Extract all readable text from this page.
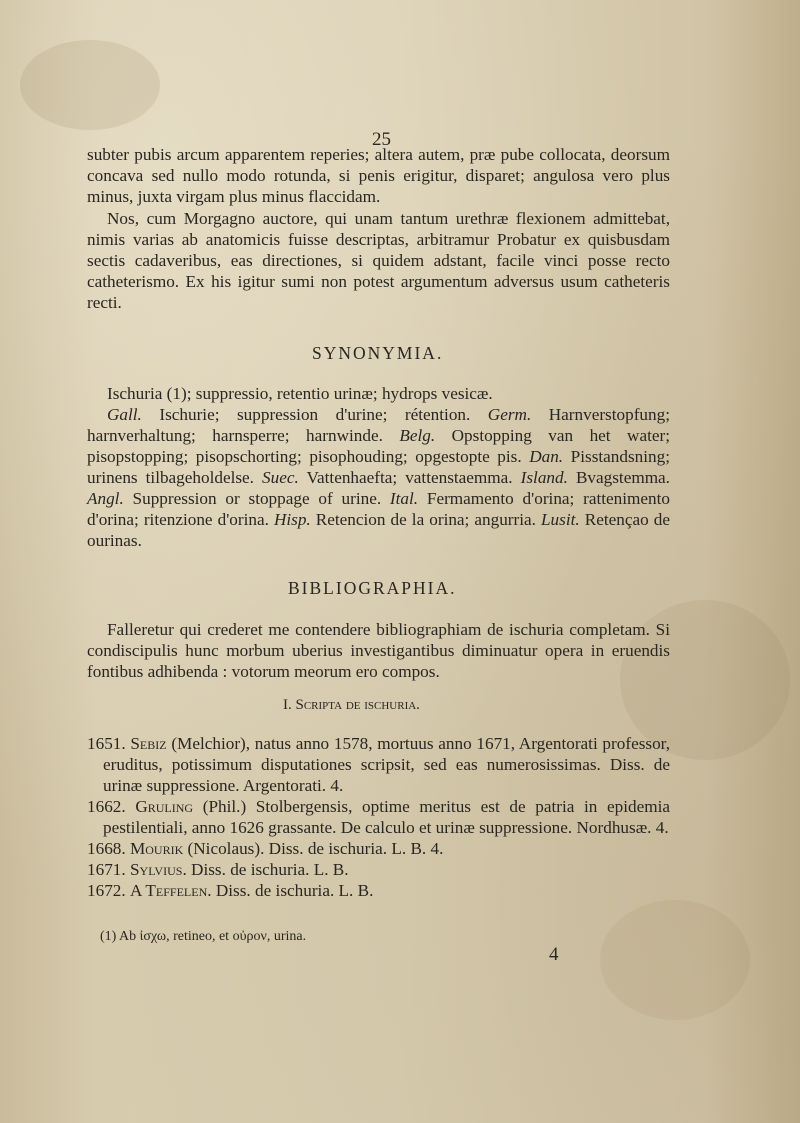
25

subter pubis arcum apparentem reperies; altera autem, præ pube collocata, deorsum concava sed nullo modo rotunda, si penis erigitur, disparet; angulosa vero plus minus, juxta virgam plus minus flaccidam.

Nos, cum Morgagno auctore, qui unam tantum urethræ flexionem admittebat, nimis varias ab anatomicis fuisse descriptas, arbitramur Probatur ex quisbusdam sectis cadaveribus, eas directiones, si quidem adstant, facile vinci posse recto catheterismo. Ex his igitur sumi non potest argumentum adversus usum catheteris recti.

SYNONYMIA.

Ischuria (1); suppressio, retentio urinæ; hydrops vesicæ.

Gall. Ischurie; suppression d'urine; rétention. Germ. Harnverstopfung; harnverhaltung; harnsperre; harnwinde. Belg. Opstopping van het water; pisopstopping; pisopschorting; pisophouding; opgestopte pis. Dan. Pisstandsning; urinens tilbageholdelse. Suec. Vattenhaefta; vattenstaemma. Island. Bvagstemma. Angl. Suppression or stoppage of urine. Ital. Fermamento d'orina; rattenimento d'orina; ritenzione d'orina. Hisp. Retencion de la orina; angurria. Lusit. Retençao de ourinas.

BIBLIOGRAPHIA.

Falleretur qui crederet me contendere bibliographiam de ischuria completam. Si condiscipulis hunc morbum uberius investigantibus diminuatur opera in eruendis fontibus adhibenda : votorum meorum ero compos.

I. Scripta de ischuria.

1651. Sebiz (Melchior), natus anno 1578, mortuus anno 1671, Argentorati professor, eruditus, potissimum disputationes scripsit, sed eas numerosissimas. Diss. de urinæ suppressione. Argentorati. 4.

1662. Gruling (Phil.) Stolbergensis, optime meritus est de patria in epidemia pestilentiali, anno 1626 grassante. De calculo et urinæ suppressione. Nordhusæ. 4.

1668. Mourik (Nicolaus). Diss. de ischuria. L. B. 4.

1671. Sylvius. Diss. de ischuria. L. B.

1672. A Teffelen. Diss. de ischuria. L. B.

(1) Ab ἰσχω, retineo, et οὐρον, urina.
4
